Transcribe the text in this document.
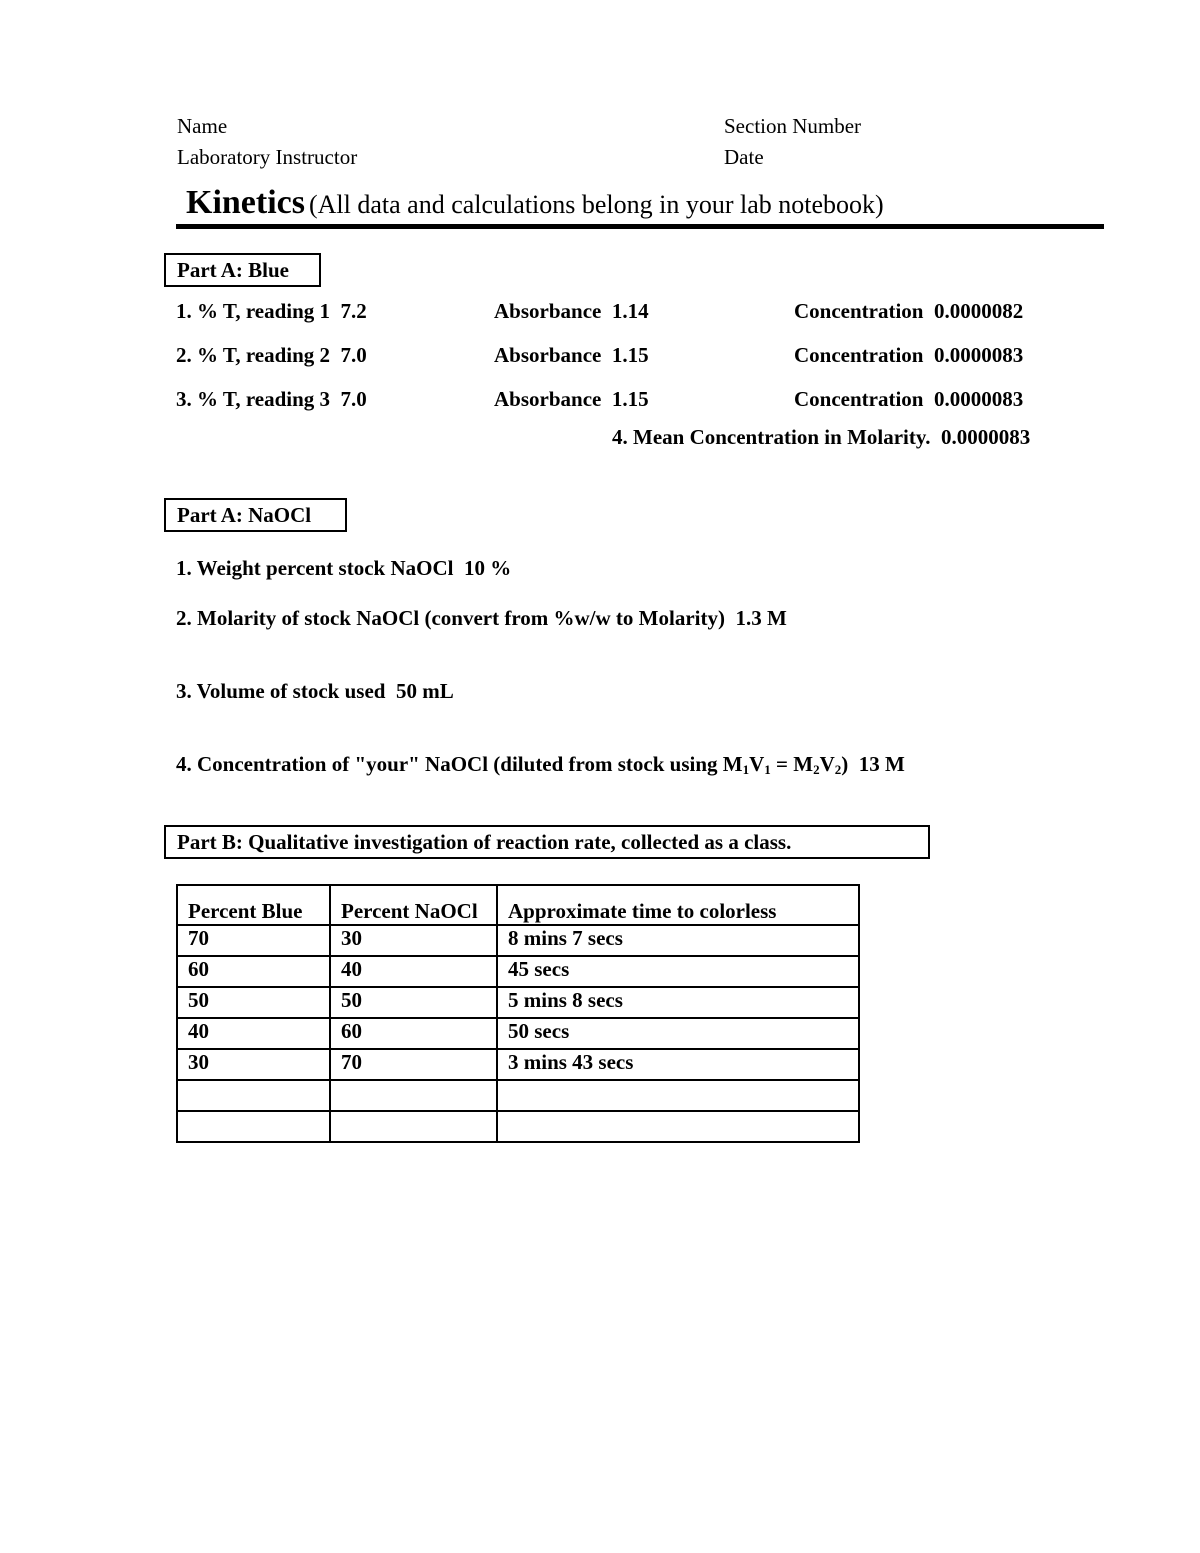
Name	Section Number
Laboratory Instructor	Date
Kinetics (All data and calculations belong in your lab notebook)
Part A: Blue
1. % T, reading 1 7.2	Absorbance 1.14	Concentration 0.0000082
2. % T, reading 2 7.0	Absorbance 1.15	Concentration 0.0000083
3. % T, reading 3 7.0	Absorbance 1.15	Concentration 0.0000083
4. Mean Concentration in Molarity. 0.0000083
Part A: NaOCl
1. Weight percent stock NaOCl 10 %
2. Molarity of stock NaOCl (convert from %w/w to Molarity) 1.3 M
3. Volume of stock used 50 mL
4. Concentration of "your" NaOCl (diluted from stock using $M_1V_1 = M_2V_2$) 13 M
Part B: Qualitative investigation of reaction rate, collected as a class.
Percent Blue	Percent NaOCl	Approximate time to colorless
70	30	8 mins 7 secs
60	40	45 secs
50	50	5 mins 8 secs
40	60	50 secs
30	70	3 mins 43 secs
